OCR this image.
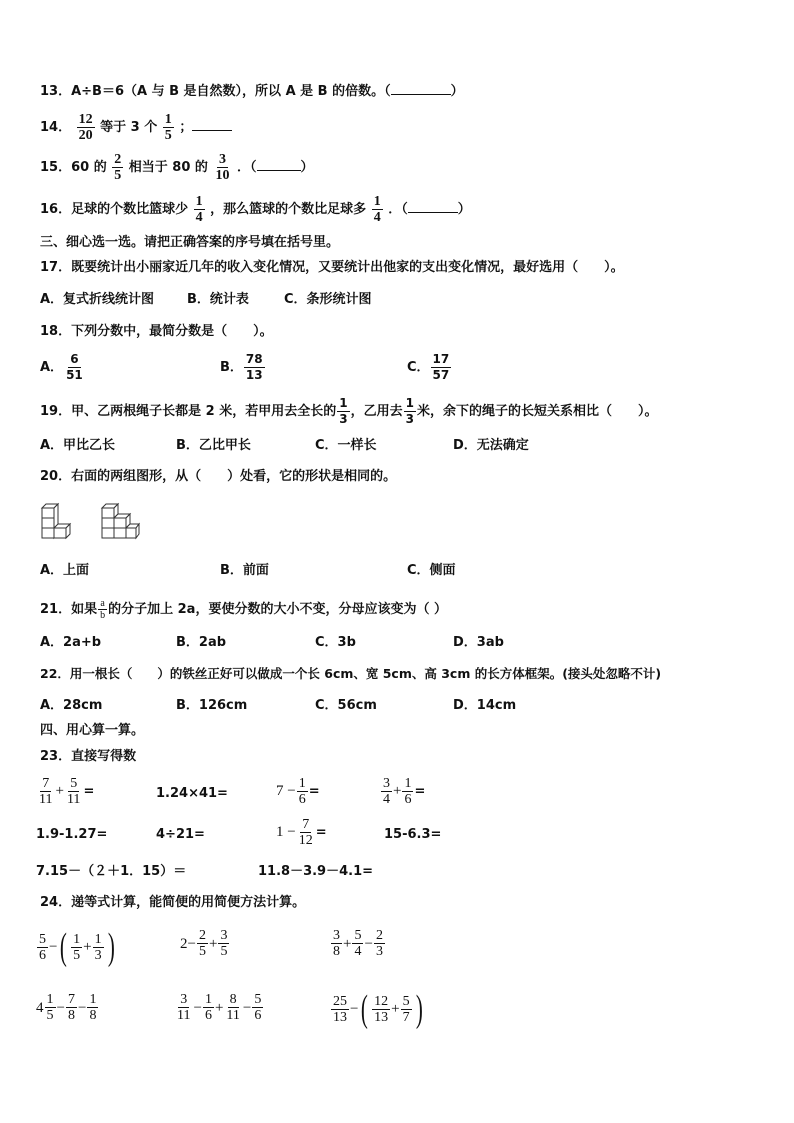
13．A÷B＝6（A 与 B 是自然数），所以 A 是 B 的倍数。（	）
14． $\frac{12}{20}$ 等于 3 个 $\frac{1}{5}$ ；
15．60 的 $\frac{2}{5}$ 相当于 80 的 $\frac{3}{10}$ ．（	）
16．足球的个数比篮球少 $\frac{1}{4}$ ，那么篮球的个数比足球多 $\frac{1}{4}$ ．（	）
三、细心选一选。请把正确答案的序号填在括号里。
17．既要统计出小丽家近几年的收入变化情况，又要统计出他家的支出变化情况，最好选用（　　）。
A．复式折线统计图	B．统计表	C．条形统计图
18．下列分数中，最简分数是（　　）。
A． $\frac{6}{51}$	B． $\frac{78}{13}$	C． $\frac{17}{57}$
19．甲、乙两根绳子长都是 2 米，若甲用去全长的 $\frac{1}{3}$ ，乙用去 $\frac{1}{3}$ 米，余下的绳子的长短关系相比（　　）。
A．甲比乙长	B．乙比甲长	C．一样长	D．无法确定
20．右面的两组图形，从（　　）处看，它的形状是相同的。
A．上面	B．前面	C．侧面
21．如果 $\frac{a}{b}$ 的分子加上 2a，要使分数的大小不变，分母应该变为（ ）
A．2a+b	B．2ab	C．3b	D．3ab
22．用一根长（　　）的铁丝正好可以做成一个长 6cm、宽 5cm、高 3cm 的长方体框架。(接头处忽略不计)
A．28cm	B．126cm	C．56cm	D．14cm
四、用心算一算。
23．直接写得数
$\frac{7}{11} + \frac{5}{11}$ =	1.24×41=	$7 - \frac{1}{6}$ =	$\frac{3}{4} + \frac{1}{6}$ =
1.9-1.27=	4÷21=	$1 - \frac{7}{12}$ =	15-6.3=
7.15－（２＋1．15）＝	11.8－3.9－4.1=
24．递等式计算，能简便的用简便方法计算。
$\frac{5}{6}$ − ( $\frac{1}{5} + \frac{1}{3}$ )	$2 - \frac{2}{5} + \frac{3}{5}$	$\frac{3}{8} + \frac{5}{4} - \frac{2}{3}$
$4 \frac{1}{5} - \frac{7}{8} - \frac{1}{8}$	$\frac{3}{11} - \frac{1}{6} + \frac{8}{11} - \frac{5}{6}$	$\frac{25}{13}$ − ( $\frac{12}{13} + \frac{5}{7}$ )
